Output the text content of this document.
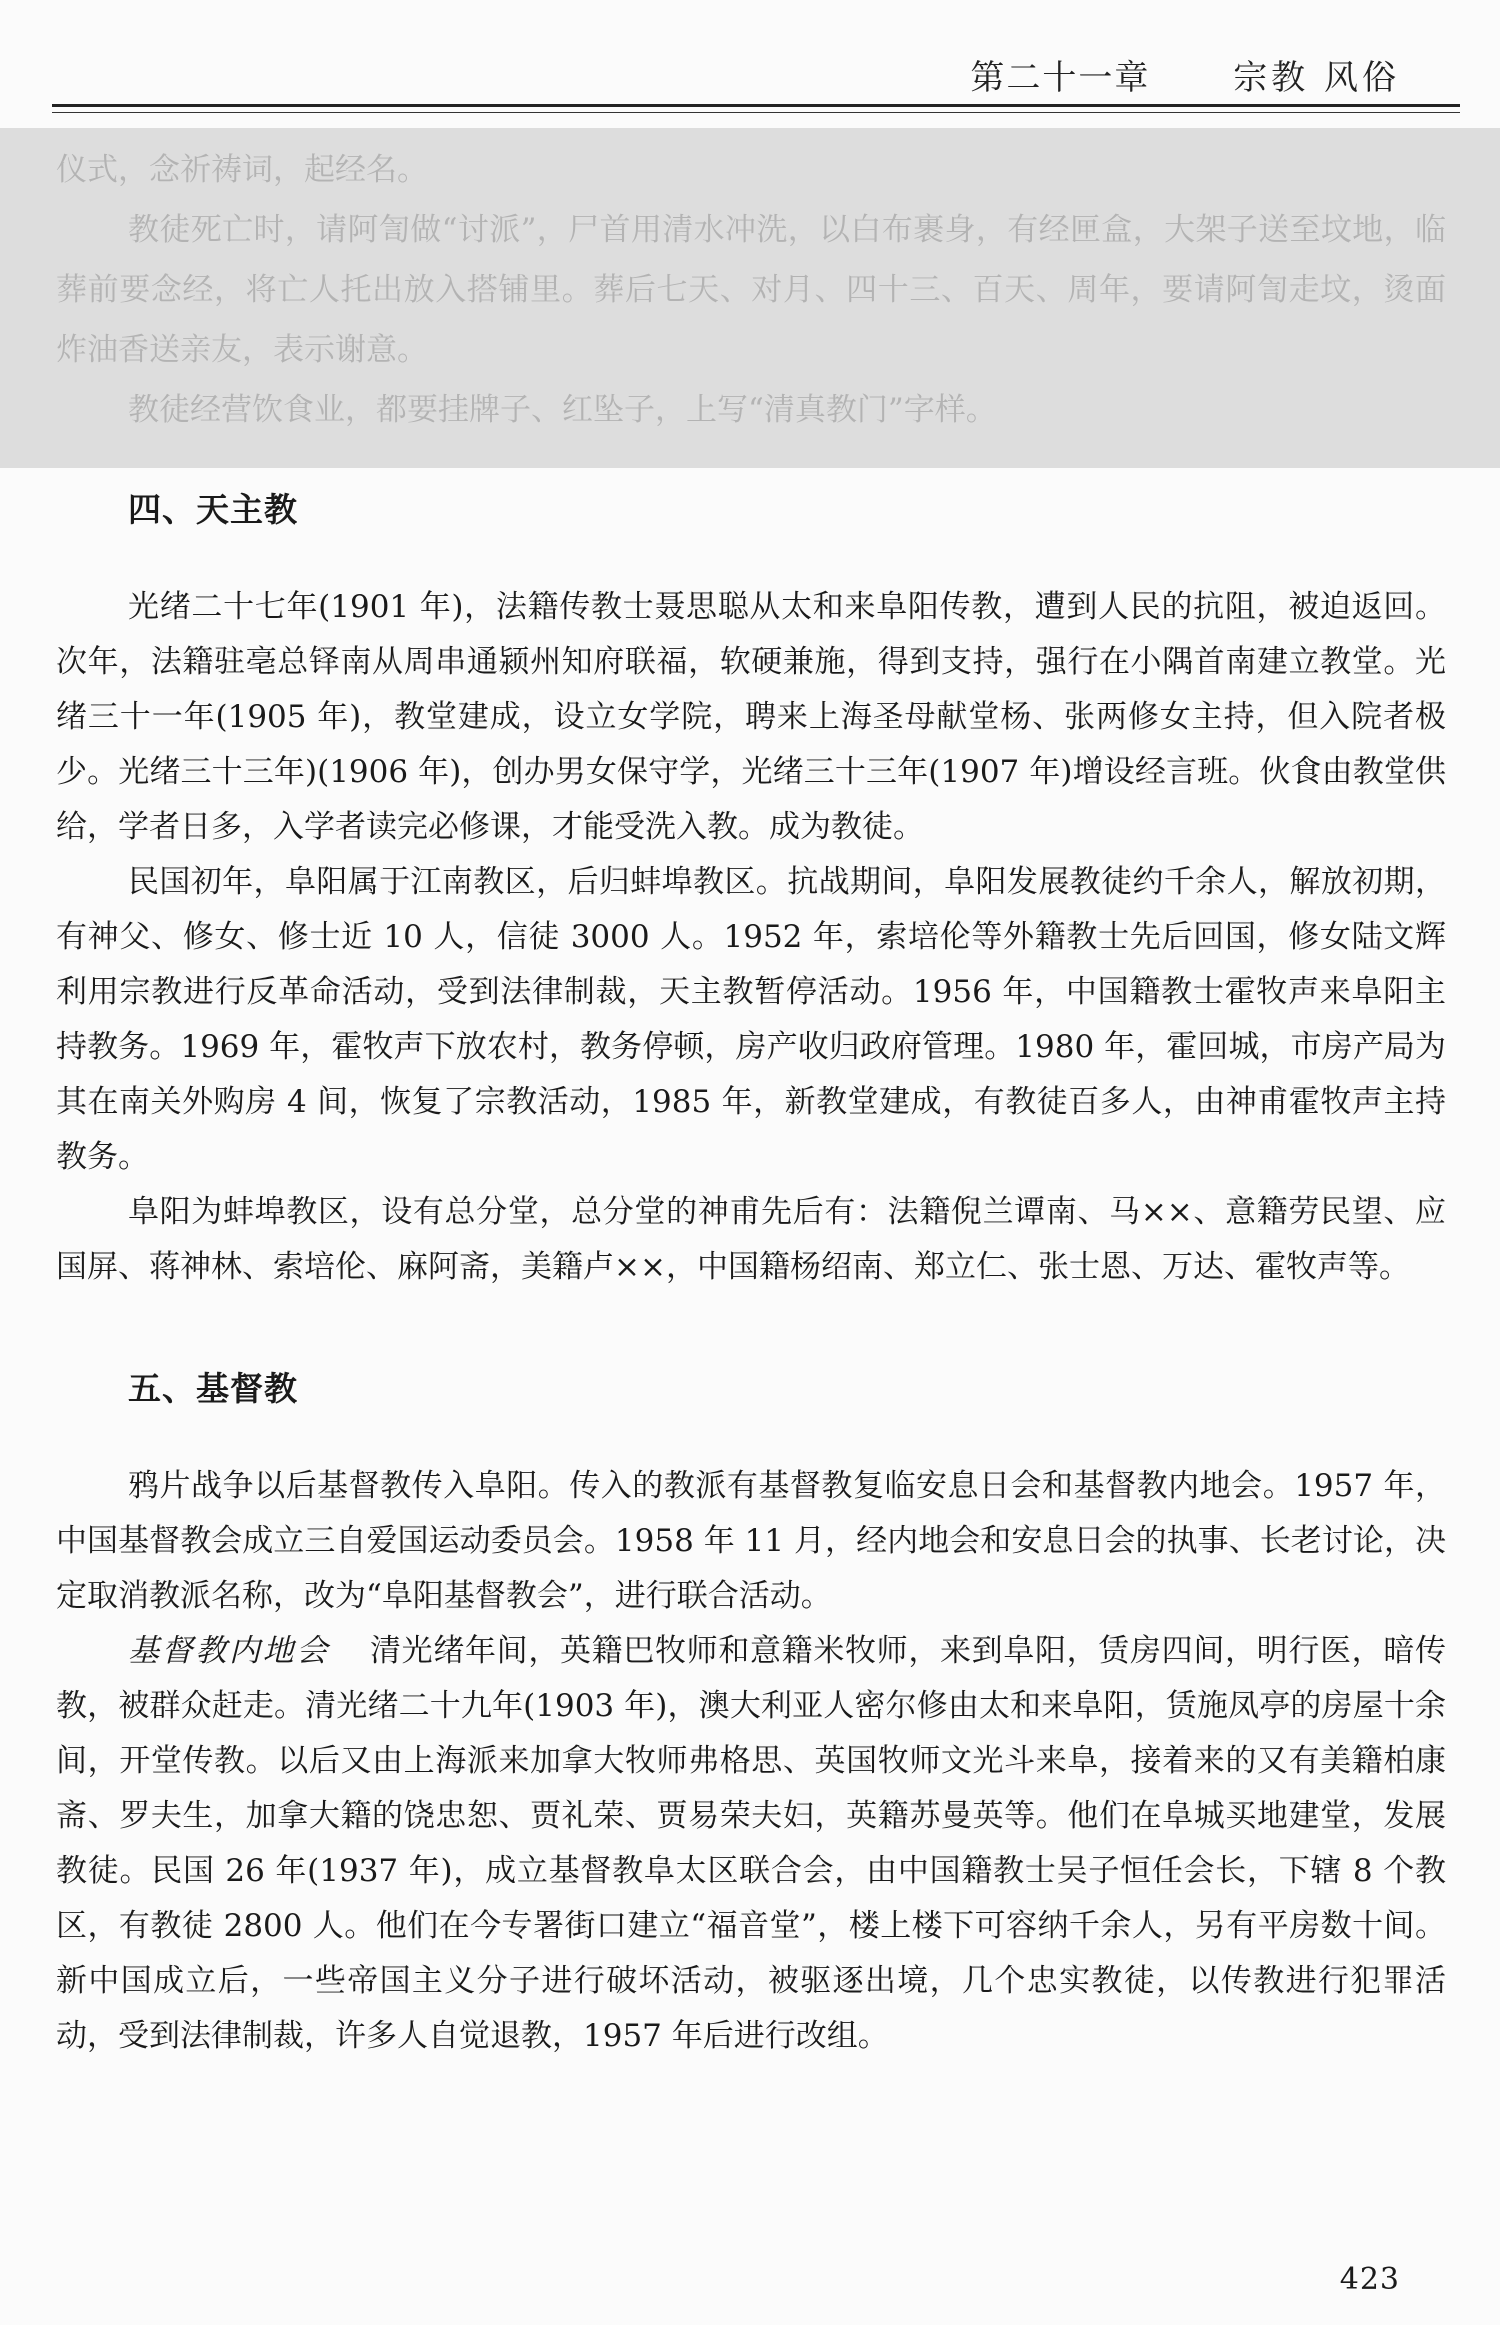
第二十一章 宗教 风俗

仪式，念祈祷词，起经名。

教徒死亡时，请阿訇做“讨派”，尸首用清水冲洗，以白布裹身，有经匣盒，大架子送至坟地，临葬前要念经，将亡人托出放入搭铺里。葬后七天、对月、四十三、百天、周年，要请阿訇走坟，烫面炸油香送亲友，表示谢意。

教徒经营饮食业，都要挂牌子、红坠子，上写“清真教门”字样。

四、天主教

光绪二十七年(1901 年)，法籍传教士聂思聪从太和来阜阳传教，遭到人民的抗阻，被迫返回。次年，法籍驻亳总铎南从周串通颍州知府联福，软硬兼施，得到支持，强行在小隅首南建立教堂。光绪三十一年(1905 年)，教堂建成，设立女学院，聘来上海圣母献堂杨、张两修女主持，但入院者极少。光绪三十三年)(1906 年)，创办男女保守学，光绪三十三年(1907 年)增设经言班。伙食由教堂供给，学者日多，入学者读完必修课，才能受洗入教。成为教徒。

民国初年，阜阳属于江南教区，后归蚌埠教区。抗战期间，阜阳发展教徒约千余人，解放初期，有神父、修女、修士近 10 人，信徒 3000 人。1952 年，索培伦等外籍教士先后回国，修女陆文辉利用宗教进行反革命活动，受到法律制裁，天主教暂停活动。1956 年，中国籍教士霍牧声来阜阳主持教务。1969 年，霍牧声下放农村，教务停顿，房产收归政府管理。1980 年，霍回城，市房产局为其在南关外购房 4 间，恢复了宗教活动，1985 年，新教堂建成，有教徒百多人，由神甫霍牧声主持教务。

阜阳为蚌埠教区，设有总分堂，总分堂的神甫先后有：法籍倪兰谭南、马××、意籍劳民望、应国屏、蒋神林、索培伦、麻阿斋，美籍卢××，中国籍杨绍南、郑立仁、张士恩、万达、霍牧声等。

五、基督教

鸦片战争以后基督教传入阜阳。传入的教派有基督教复临安息日会和基督教内地会。1957 年，中国基督教会成立三自爱国运动委员会。1958 年 11 月，经内地会和安息日会的执事、长老讨论，决定取消教派名称，改为“阜阳基督教会”，进行联合活动。

基督教内地会 清光绪年间，英籍巴牧师和意籍米牧师，来到阜阳，赁房四间，明行医，暗传教，被群众赶走。清光绪二十九年(1903 年)，澳大利亚人密尔修由太和来阜阳，赁施凤亭的房屋十余间，开堂传教。以后又由上海派来加拿大牧师弗格思、英国牧师文光斗来阜，接着来的又有美籍柏康斋、罗夫生，加拿大籍的饶忠恕、贾礼荣、贾易荣夫妇，英籍苏曼英等。他们在阜城买地建堂，发展教徒。民国 26 年(1937 年)，成立基督教阜太区联合会，由中国籍教士吴子恒任会长，下辖 8 个教区，有教徒 2800 人。他们在今专署街口建立“福音堂”，楼上楼下可容纳千余人，另有平房数十间。新中国成立后，一些帝国主义分子进行破坏活动，被驱逐出境，几个忠实教徒，以传教进行犯罪活动，受到法律制裁，许多人自觉退教，1957 年后进行改组。

423
